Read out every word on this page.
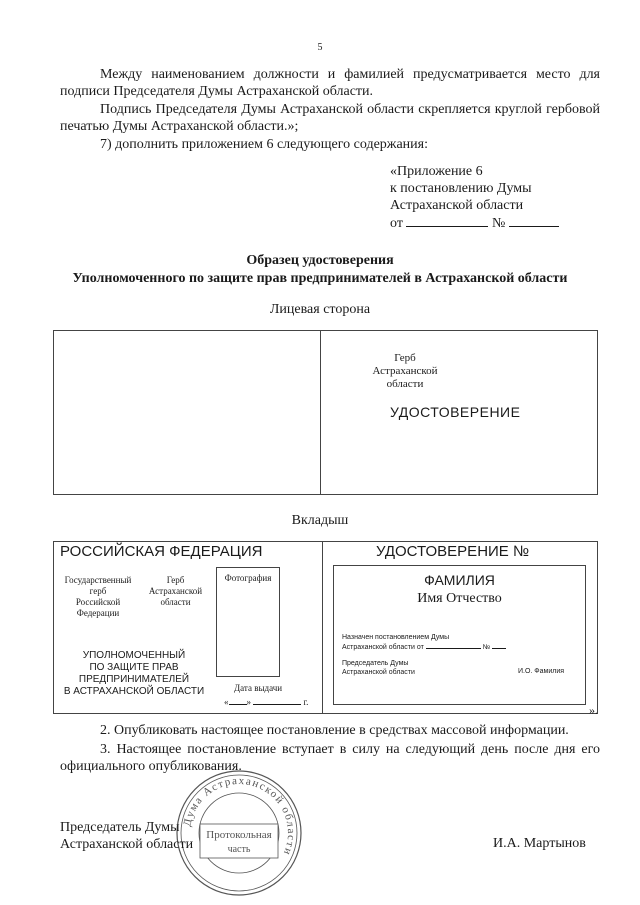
5
Между наименованием должности и фамилией предусматривается место для подписи Председателя Думы Астраханской области.
Подпись Председателя Думы Астраханской области скрепляется круглой гербовой печатью Думы Астраханской области.»;
7) дополнить приложением 6 следующего содержания:
«Приложение 6
к постановлению Думы
Астраханской области
от	№
Образец удостоверения
Уполномоченного по защите прав предпринимателей в Астраханской области
Лицевая сторона
Герб
Астраханской
области
УДОСТОВЕРЕНИЕ
Вкладыш
РОССИЙСКАЯ ФЕДЕРАЦИЯ
Государственный
герб
Российской
Федерации
Герб
Астраханской
области
Фотография
УПОЛНОМОЧЕННЫЙ
ПО ЗАЩИТЕ ПРАВ
ПРЕДПРИНИМАТЕЛЕЙ
В АСТРАХАНСКОЙ ОБЛАСТИ	Дата выдачи
« »	г.
УДОСТОВЕРЕНИЕ №
ФАМИЛИЯ
Имя Отчество
Назначен постановлением Думы
Астраханской области от	№
Председатель Думы
Астраханской области	И.О. Фамилия
».
2. Опубликовать настоящее постановление в средствах массовой информации.
3. Настоящее постановление вступает в силу на следующий день после дня его официального опубликования.
Дума Астраханской области
Протокольная
часть
Председатель Думы
Астраханской области	И.А. Мартынов
